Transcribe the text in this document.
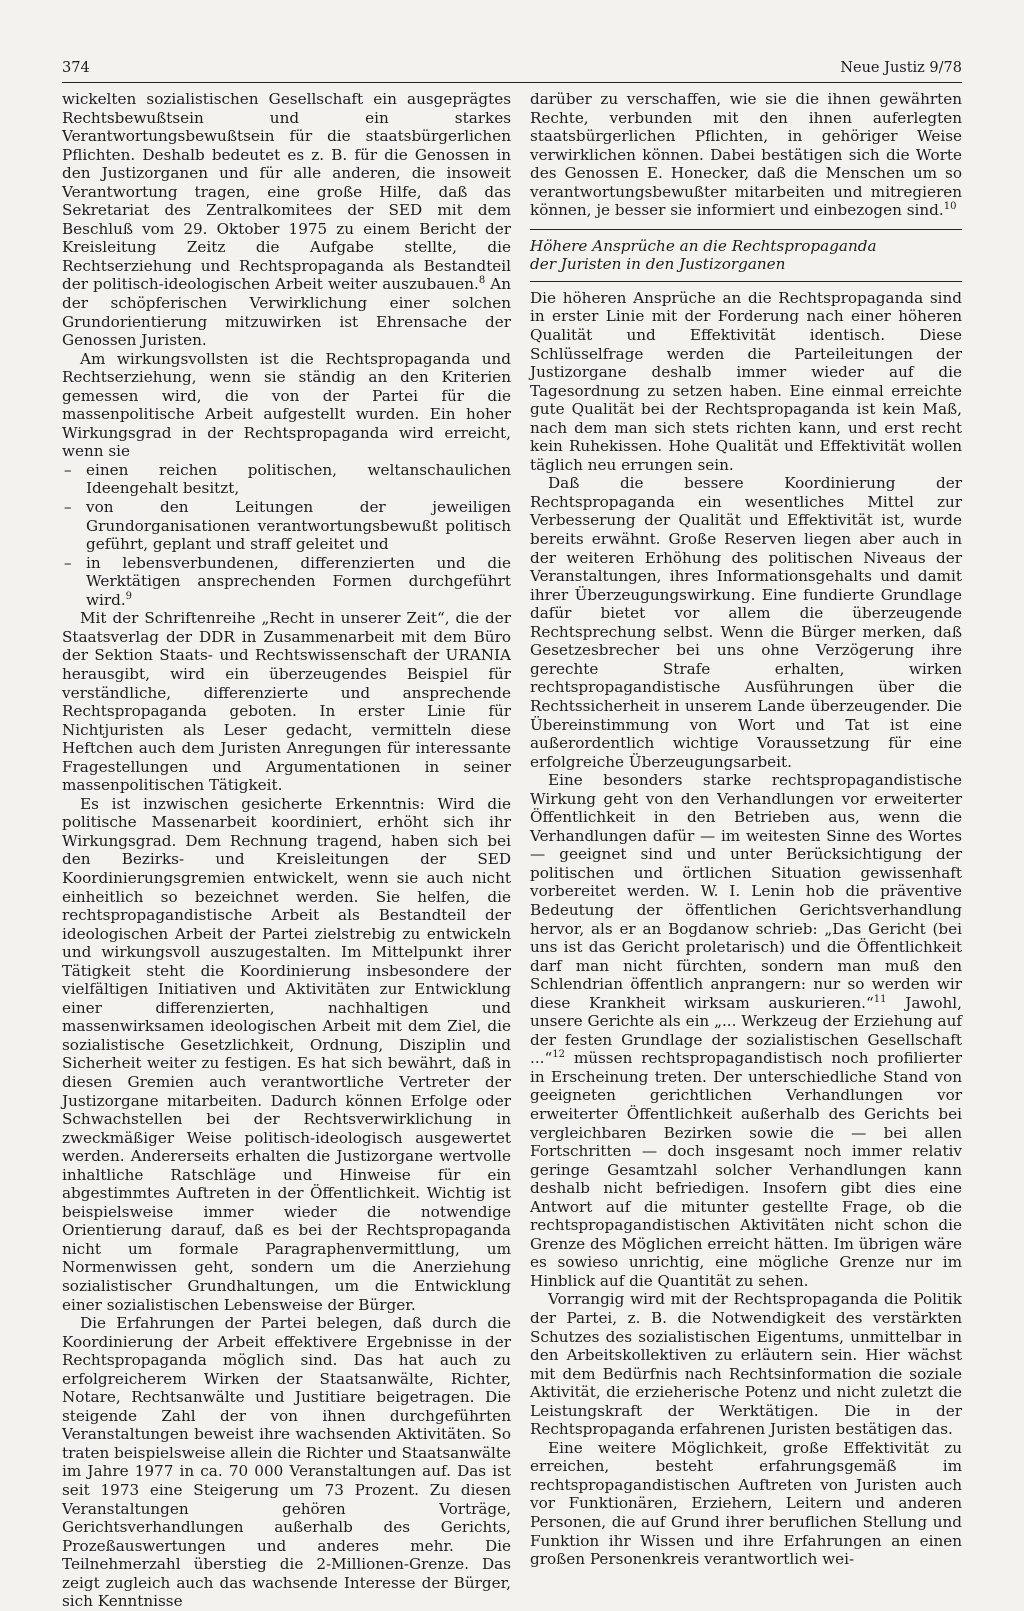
374	Neue Justiz 9/78

wickelten sozialistischen Gesellschaft ein ausgeprägtes Rechtsbewußtsein und ein starkes Verantwortungsbewußtsein für die staatsbürgerlichen Pflichten. Deshalb bedeutet es z. B. für die Genossen in den Justizorganen und für alle anderen, die insoweit Verantwortung tragen, eine große Hilfe, daß das Sekretariat des Zentralkomitees der SED mit dem Beschluß vom 29. Oktober 1975 zu einem Bericht der Kreisleitung Zeitz die Aufgabe stellte, die Rechtserziehung und Rechtspropaganda als Bestandteil der politisch-ideologischen Arbeit weiter auszubauen.$^8$ An der schöpferischen Verwirklichung einer solchen Grundorientierung mitzuwirken ist Ehrensache der Genossen Juristen.

Am wirkungsvollsten ist die Rechtspropaganda und Rechtserziehung, wenn sie ständig an den Kriterien gemessen wird, die von der Partei für die massenpolitische Arbeit aufgestellt wurden. Ein hoher Wirkungsgrad in der Rechtspropaganda wird erreicht, wenn sie

– einen reichen politischen, weltanschaulichen Ideengehalt besitzt,
– von den Leitungen der jeweiligen Grundorganisationen verantwortungsbewußt politisch geführt, geplant und straff geleitet und
– in lebensverbundenen, differenzierten und die Werktätigen ansprechenden Formen durchgeführt wird.$^9$

Mit der Schriftenreihe „Recht in unserer Zeit“, die der Staatsverlag der DDR in Zusammenarbeit mit dem Büro der Sektion Staats- und Rechtswissenschaft der URANIA herausgibt, wird ein überzeugendes Beispiel für verständliche, differenzierte und ansprechende Rechtspropaganda geboten. In erster Linie für Nichtjuristen als Leser gedacht, vermitteln diese Heftchen auch dem Juristen Anregungen für interessante Fragestellungen und Argumentationen in seiner massenpolitischen Tätigkeit.

Es ist inzwischen gesicherte Erkenntnis: Wird die politische Massenarbeit koordiniert, erhöht sich ihr Wirkungsgrad. Dem Rechnung tragend, haben sich bei den Bezirks- und Kreisleitungen der SED Koordinierungsgremien entwickelt, wenn sie auch nicht einheitlich so bezeichnet werden. Sie helfen, die rechtspropagandistische Arbeit als Bestandteil der ideologischen Arbeit der Partei zielstrebig zu entwickeln und wirkungsvoll auszugestalten. Im Mittelpunkt ihrer Tätigkeit steht die Koordinierung insbesondere der vielfältigen Initiativen und Aktivitäten zur Entwicklung einer differenzierten, nachhaltigen und massenwirksamen ideologischen Arbeit mit dem Ziel, die sozialistische Gesetzlichkeit, Ordnung, Disziplin und Sicherheit weiter zu festigen. Es hat sich bewährt, daß in diesen Gremien auch verantwortliche Vertreter der Justizorgane mitarbeiten. Dadurch können Erfolge oder Schwachstellen bei der Rechtsverwirklichung in zweckmäßiger Weise politisch-ideologisch ausgewertet werden. Andererseits erhalten die Justizorgane wertvolle inhaltliche Ratschläge und Hinweise für ein abgestimmtes Auftreten in der Öffentlichkeit. Wichtig ist beispielsweise immer wieder die notwendige Orientierung darauf, daß es bei der Rechtspropaganda nicht um formale Paragraphenvermittlung, um Normenwissen geht, sondern um die Anerziehung sozialistischer Grundhaltungen, um die Entwicklung einer sozialistischen Lebensweise der Bürger.

Die Erfahrungen der Partei belegen, daß durch die Koordinierung der Arbeit effektivere Ergebnisse in der Rechtspropaganda möglich sind. Das hat auch zu erfolgreicherem Wirken der Staatsanwälte, Richter, Notare, Rechtsanwälte und Justitiare beigetragen. Die steigende Zahl der von ihnen durchgeführten Veranstaltungen beweist ihre wachsenden Aktivitäten. So traten beispielsweise allein die Richter und Staatsanwälte im Jahre 1977 in ca. 70 000 Veranstaltungen auf. Das ist seit 1973 eine Steigerung um 73 Prozent. Zu diesen Veranstaltungen gehören Vorträge, Gerichtsverhandlungen außerhalb des Gerichts, Prozeßauswertungen und anderes mehr. Die Teilnehmerzahl überstieg die 2-Millionen-Grenze. Das zeigt zugleich auch das wachsende Interesse der Bürger, sich Kenntnisse

darüber zu verschaffen, wie sie die ihnen gewährten Rechte, verbunden mit den ihnen auferlegten staatsbürgerlichen Pflichten, in gehöriger Weise verwirklichen können. Dabei bestätigen sich die Worte des Genossen E. Honecker, daß die Menschen um so verantwortungsbewußter mitarbeiten und mitregieren können, je besser sie informiert und einbezogen sind.$^{10}$

Höhere Ansprüche an die Rechtspropaganda
der Juristen in den Justizorganen

Die höheren Ansprüche an die Rechtspropaganda sind in erster Linie mit der Forderung nach einer höheren Qualität und Effektivität identisch. Diese Schlüsselfrage werden die Parteileitungen der Justizorgane deshalb immer wieder auf die Tagesordnung zu setzen haben. Eine einmal erreichte gute Qualität bei der Rechtspropaganda ist kein Maß, nach dem man sich stets richten kann, und erst recht kein Ruhekissen. Hohe Qualität und Effektivität wollen täglich neu errungen sein.

Daß die bessere Koordinierung der Rechtspropaganda ein wesentliches Mittel zur Verbesserung der Qualität und Effektivität ist, wurde bereits erwähnt. Große Reserven liegen aber auch in der weiteren Erhöhung des politischen Niveaus der Veranstaltungen, ihres Informationsgehalts und damit ihrer Überzeugungswirkung. Eine fundierte Grundlage dafür bietet vor allem die überzeugende Rechtsprechung selbst. Wenn die Bürger merken, daß Gesetzesbrecher bei uns ohne Verzögerung ihre gerechte Strafe erhalten, wirken rechtspropagandistische Ausführungen über die Rechtssicherheit in unserem Lande überzeugender. Die Übereinstimmung von Wort und Tat ist eine außerordentlich wichtige Voraussetzung für eine erfolgreiche Überzeugungsarbeit.

Eine besonders starke rechtspropagandistische Wirkung geht von den Verhandlungen vor erweiterter Öffentlichkeit in den Betrieben aus, wenn die Verhandlungen dafür — im weitesten Sinne des Wortes — geeignet sind und unter Berücksichtigung der politischen und örtlichen Situation gewissenhaft vorbereitet werden. W. I. Lenin hob die präventive Bedeutung der öffentlichen Gerichtsverhandlung hervor, als er an Bogdanow schrieb: „Das Gericht (bei uns ist das Gericht proletarisch) und die Öffentlichkeit darf man nicht fürchten, sondern man muß den Schlendrian öffentlich anprangern: nur so werden wir diese Krankheit wirksam auskurieren.“$^{11}$ Jawohl, unsere Gerichte als ein „... Werkzeug der Erziehung auf der festen Grundlage der sozialistischen Gesellschaft ...“$^{12}$ müssen rechtspropagandistisch noch profilierter in Erscheinung treten. Der unterschiedliche Stand von geeigneten gerichtlichen Verhandlungen vor erweiterter Öffentlichkeit außerhalb des Gerichts bei vergleichbaren Bezirken sowie die — bei allen Fortschritten — doch insgesamt noch immer relativ geringe Gesamtzahl solcher Verhandlungen kann deshalb nicht befriedigen. Insofern gibt dies eine Antwort auf die mitunter gestellte Frage, ob die rechtspropagandistischen Aktivitäten nicht schon die Grenze des Möglichen erreicht hätten. Im übrigen wäre es sowieso unrichtig, eine mögliche Grenze nur im Hinblick auf die Quantität zu sehen.

Vorrangig wird mit der Rechtspropaganda die Politik der Partei, z. B. die Notwendigkeit des verstärkten Schutzes des sozialistischen Eigentums, unmittelbar in den Arbeitskollektiven zu erläutern sein. Hier wächst mit dem Bedürfnis nach Rechtsinformation die soziale Aktivität, die erzieherische Potenz und nicht zuletzt die Leistungskraft der Werktätigen. Die in der Rechtspropaganda erfahrenen Juristen bestätigen das.

Eine weitere Möglichkeit, große Effektivität zu erreichen, besteht erfahrungsgemäß im rechtspropagandistischen Auftreten von Juristen auch vor Funktionären, Erziehern, Leitern und anderen Personen, die auf Grund ihrer beruflichen Stellung und Funktion ihr Wissen und ihre Erfahrungen an einen großen Personenkreis verantwortlich wei-
